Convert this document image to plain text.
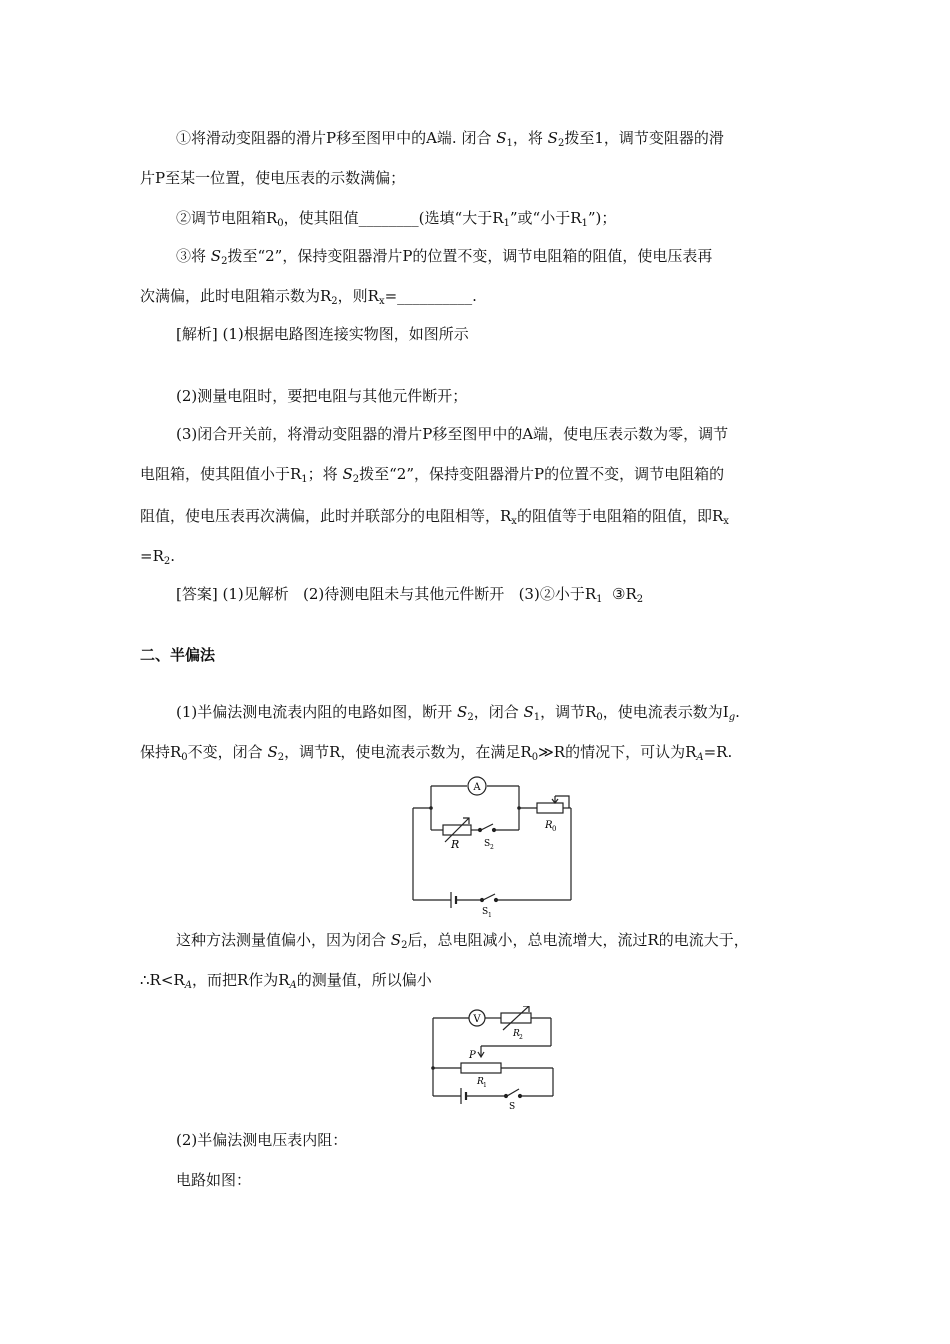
①将滑动变阻器的滑片P移至图甲中的A端. 闭合 $S_1$，将 $S_2$拨至1，调节变阻器的滑
片P至某一位置，使电压表的示数满偏；
②调节电阻箱$R_0$，使其阻值________(选填“大于$R_1$”或“小于$R_1$”)；
③将 $S_2$拨至“2”，保持变阻器滑片P的位置不变，调节电阻箱的阻值，使电压表再
次满偏，此时电阻箱示数为$R_2$，则$R_x=\_\_\_\_\_\_\_\_\_\_$.
[解析] (1)根据电路图连接实物图，如图所示
(2)测量电阻时，要把电阻与其他元件断开；
(3)闭合开关前，将滑动变阻器的滑片P移至图甲中的A端，使电压表示数为零，调节
电阻箱，使其阻值小于$R_1$；将 $S_2$拨至“2”，保持变阻器滑片P的位置不变，调节电阻箱的
阻值，使电压表再次满偏，此时并联部分的电阻相等，$R_x$的阻值等于电阻箱的阻值，即$R_x$
$=R_2$.
[答案] (1)见解析   (2)待测电阻未与其他元件断开   (3)②小于$R_1$  $③R_2$
二、半偏法
(1)半偏法测电流表内阻的电路如图，断开 $S_2$，闭合 $S_1$，调节$R_0$，使电流表示数为$I_g$.
保持$R_0$不变，闭合 $S_2$，调节R，使电流表示数为，在满足$R_0≫R$的情况下，可认为$R_A=R$.
A
R 0
R	S 2
S 1
这种方法测量值偏小，因为闭合 $S_2$后，总电阻减小，总电流增大，流过R的电流大于，
$\therefore R<R_A$，而把R作为$R_A$的测量值，所以偏小
V
R 2
P
R 1
S
(2)半偏法测电压表内阻：
电路如图：
